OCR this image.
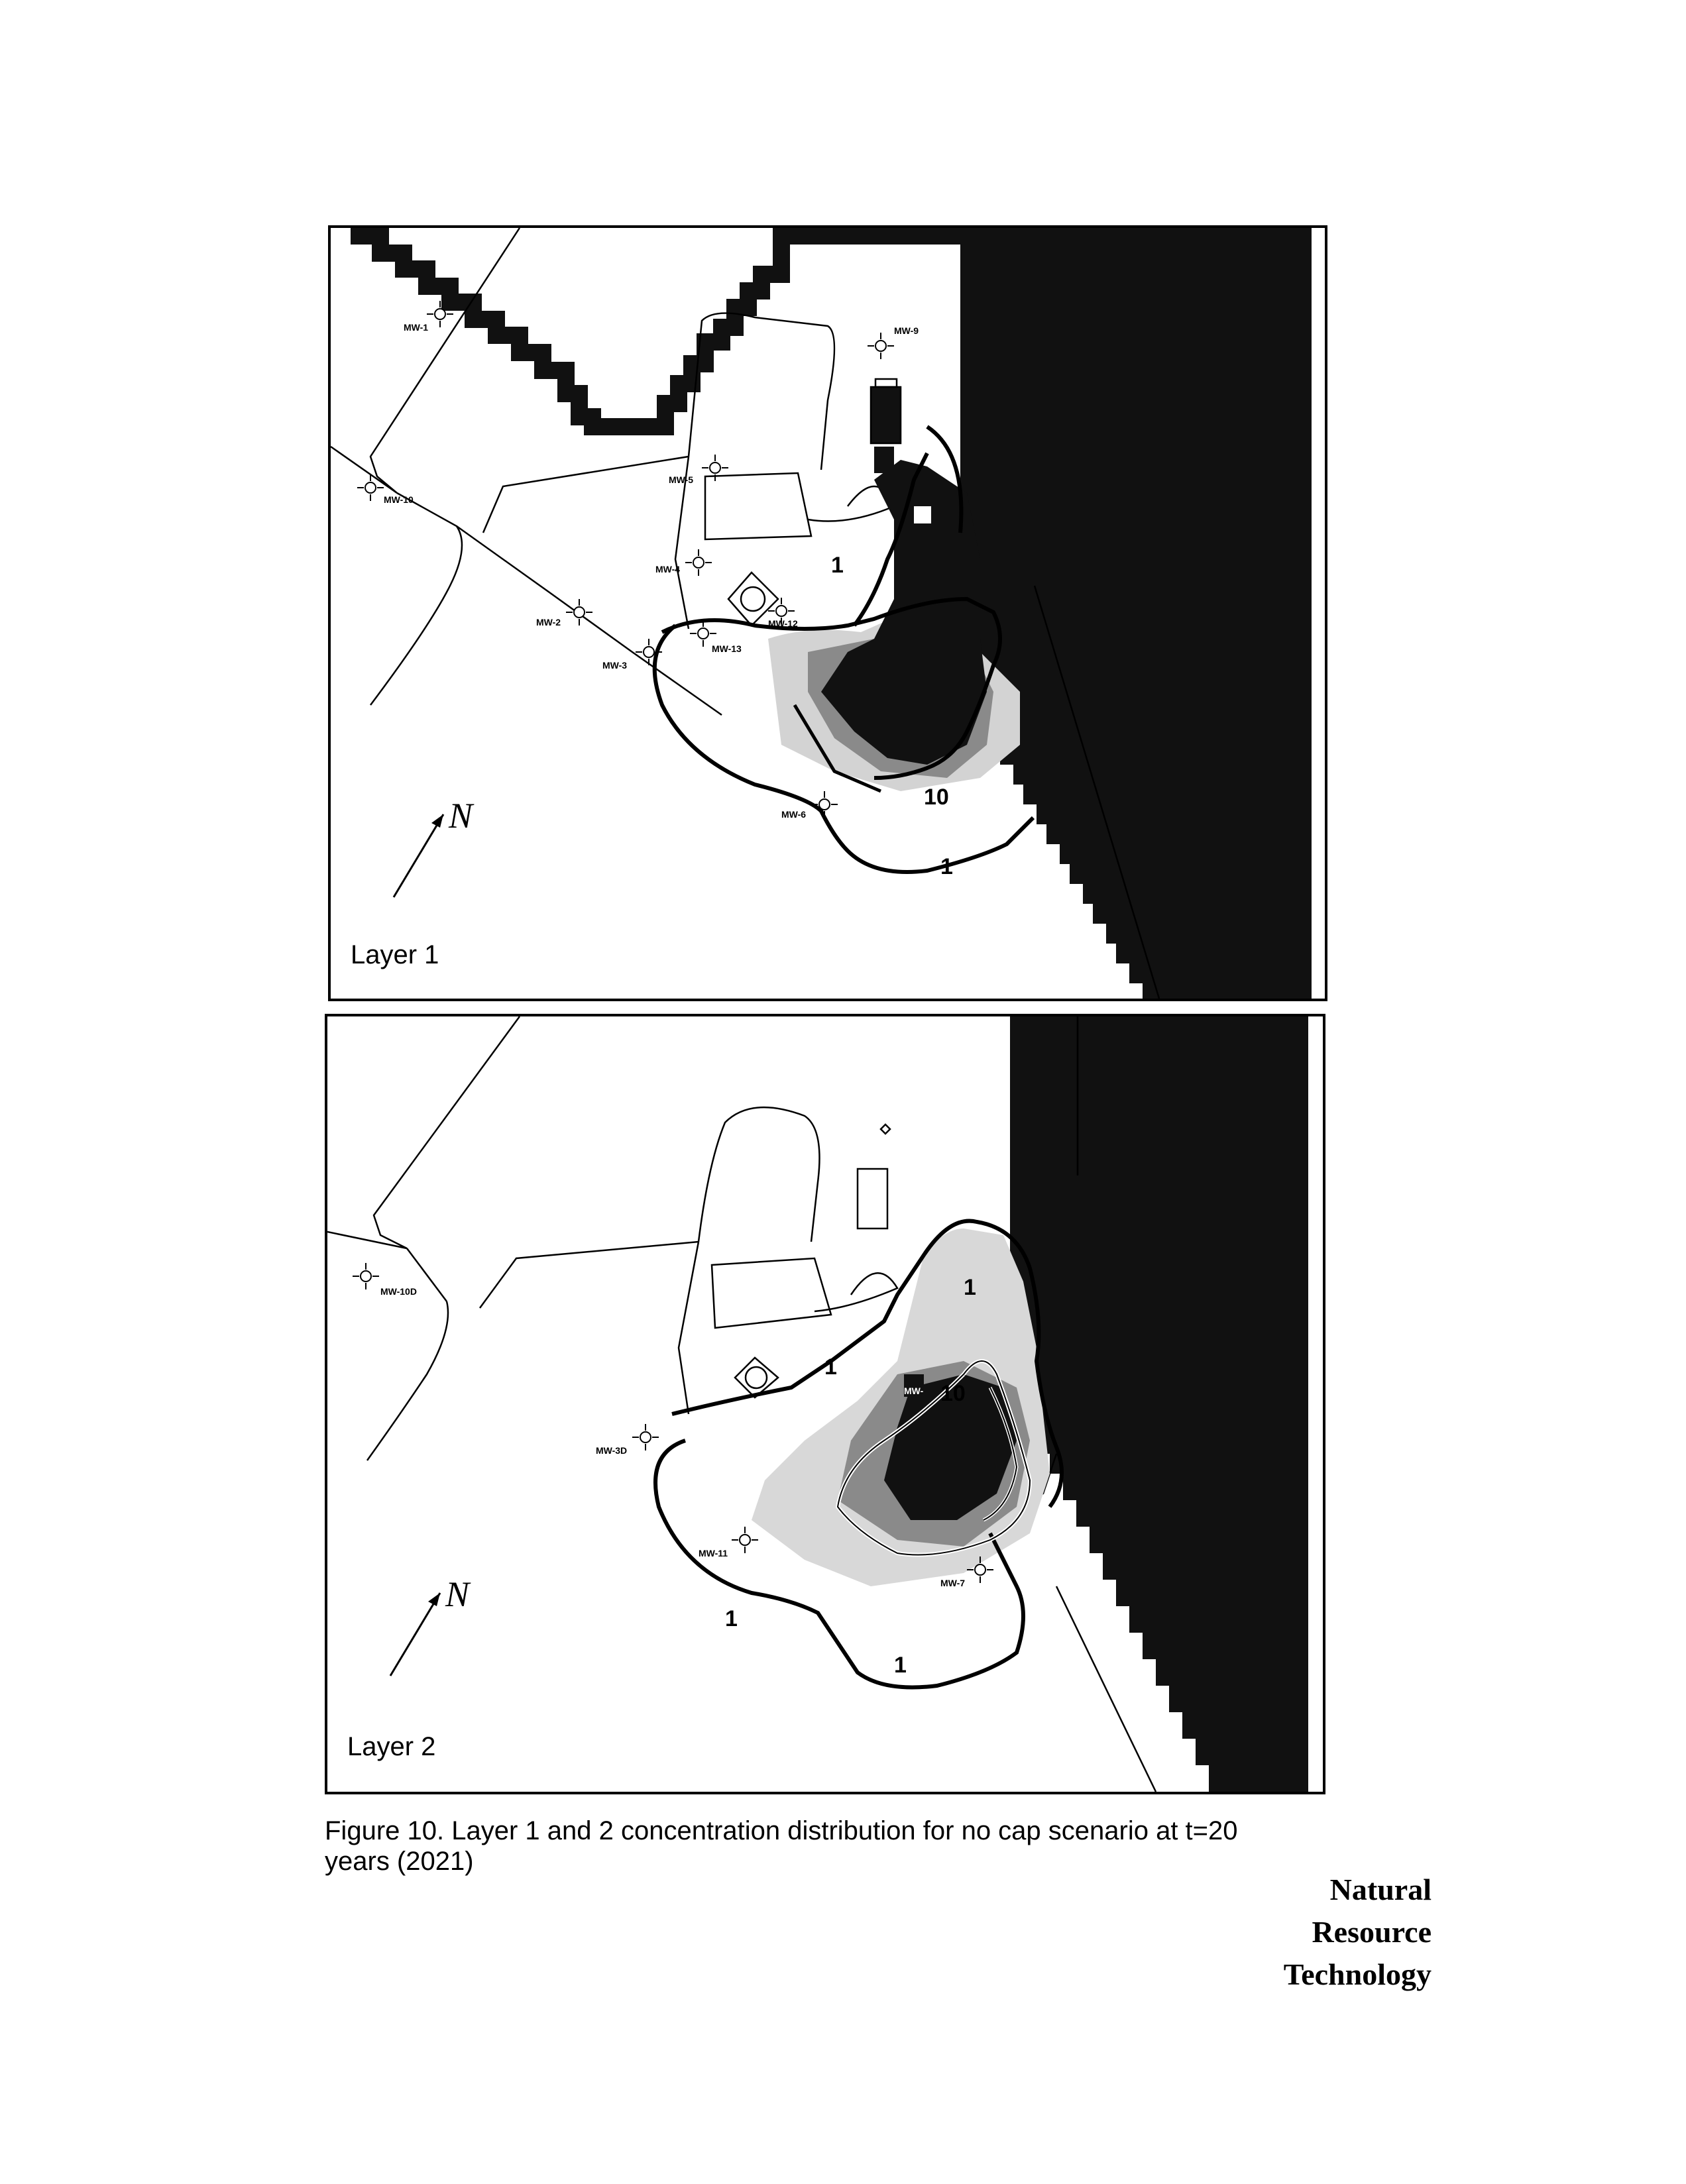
MW-1	MW-9
MW-5
MW-10
MW-4
MW-2
MW-3
MW-13
MW-12
MW-6
1
1
10
N
Layer 1
MW-10D
MW-3D
MW-11
MW-7
MW-
1
1
1
1
10
N
Layer 2
Figure 10. Layer 1 and 2 concentration distribution for no cap scenario at t=20
years (2021)
Natural
Resource
Technology
